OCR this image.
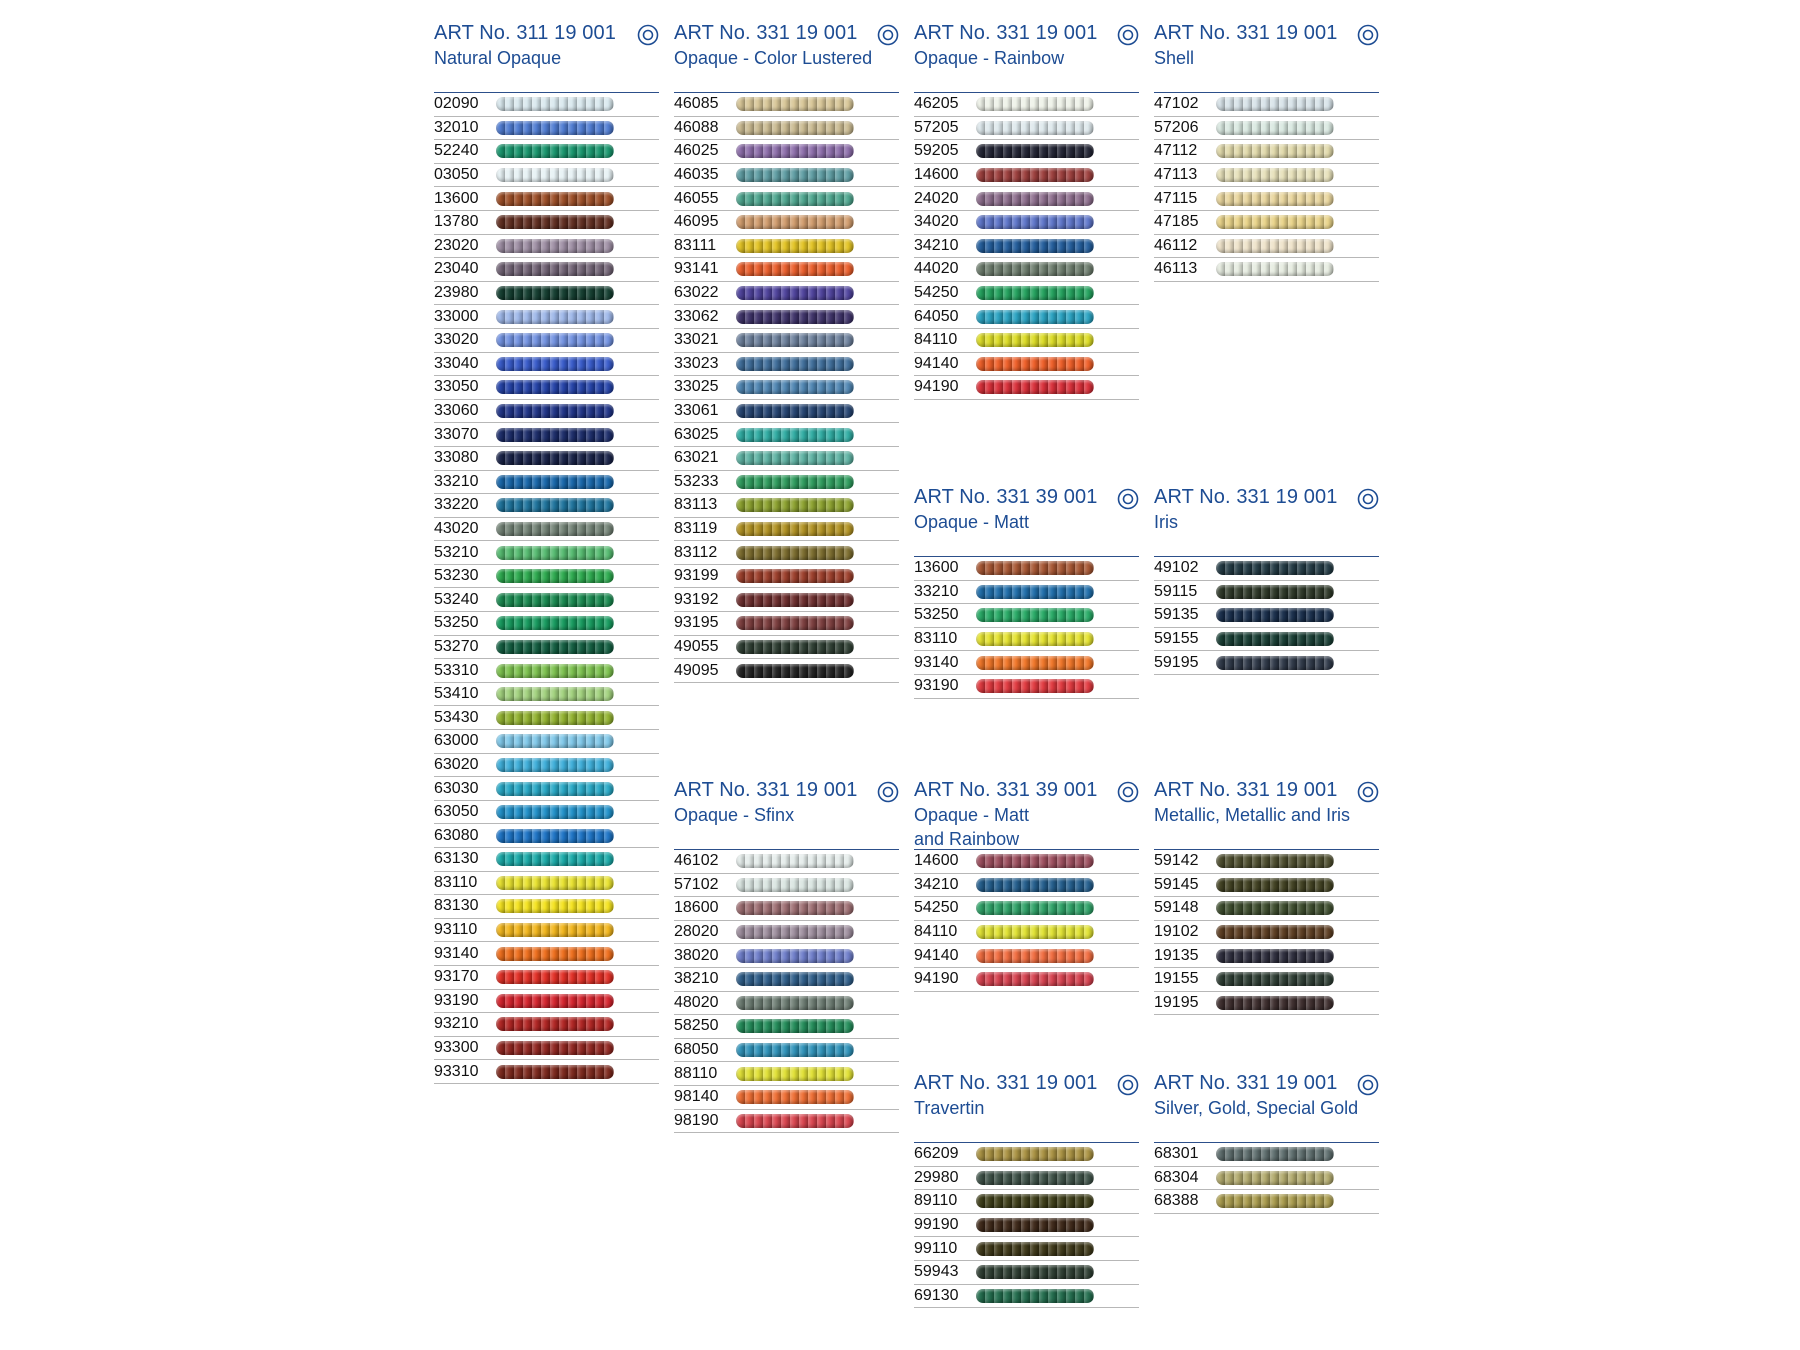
ART No. 311 19 001
Natural Opaque
02090
32010
52240
03050
13600
13780
23020
23040
23980
33000
33020
33040
33050
33060
33070
33080
33210
33220
43020
53210
53230
53240
53250
53270
53310
53410
53430
63000
63020
63030
63050
63080
63130
83110
83130
93110
93140
93170
93190
93210
93300
93310
ART No. 331 19 001
Opaque - Color Lustered
46085
46088
46025
46035
46055
46095
83111
93141
63022
33062
33021
33023
33025
33061
63025
63021
53233
83113
83119
83112
93199
93192
93195
49055
49095
ART No. 331 19 001
Opaque - Rainbow
46205
57205
59205
14600
24020
34020
34210
44020
54250
64050
84110
94140
94190
ART No. 331 19 001
Shell
47102
57206
47112
47113
47115
47185
46112
46113
ART No. 331 39 001
Opaque - Matt
13600
33210
53250
83110
93140
93190
ART No. 331 19 001
Iris
49102
59115
59135
59155
59195
ART No. 331 19 001
Opaque - Sfinx
46102
57102
18600
28020
38020
38210
48020
58250
68050
88110
98140
98190
ART No. 331 39 001
Opaque - Matt
and Rainbow
14600
34210
54250
84110
94140
94190
ART No. 331 19 001
Metallic, Metallic and Iris
59142
59145
59148
19102
19135
19155
19195
ART No. 331 19 001
Travertin
66209
29980
89110
99190
99110
59943
69130
ART No. 331 19 001
Silver, Gold, Special Gold
68301
68304
68388
